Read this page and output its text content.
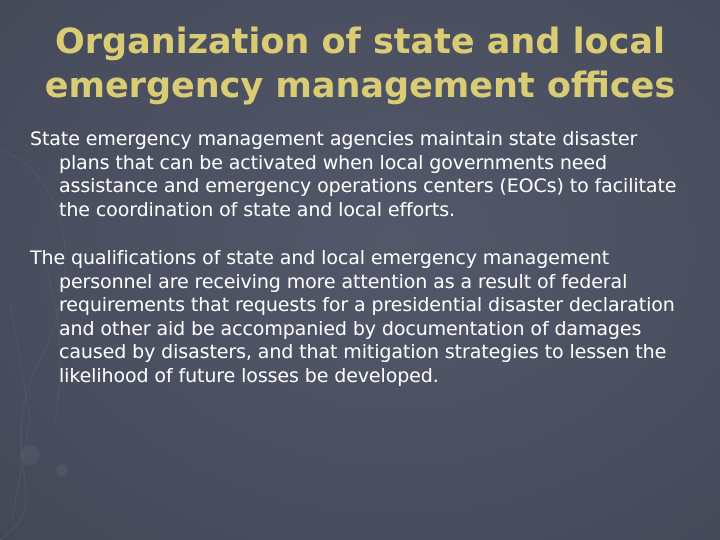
Organization of state and local
emergency management offices

State emergency management agencies maintain state disaster plans that can be activated when local governments need assistance and emergency operations centers (EOCs) to facilitate the coordination of state and local efforts.

The qualifications of state and local emergency management personnel are receiving more attention as a result of federal requirements that requests for a presidential disaster declaration and other aid be accompanied by documentation of damages caused by disasters, and that mitigation strategies to lessen the likelihood of future losses be developed.
